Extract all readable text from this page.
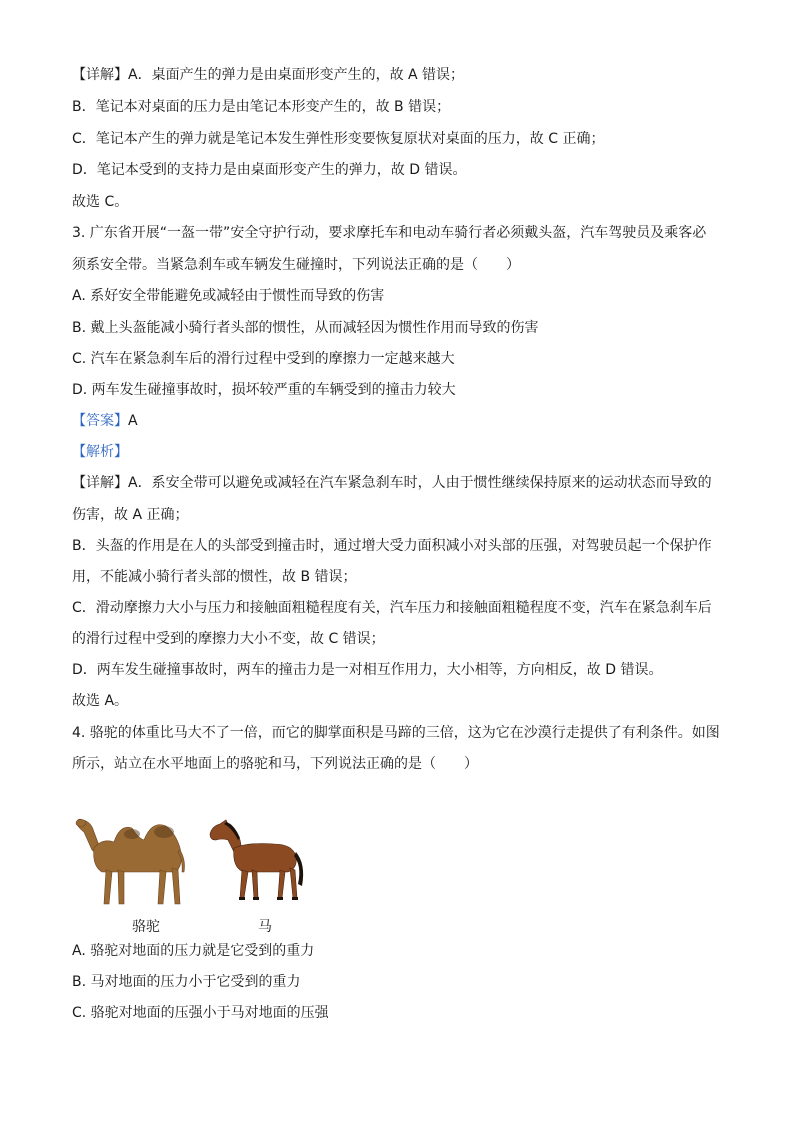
【详解】A．桌面产生的弹力是由桌面形变产生的，故 A 错误；
B．笔记本对桌面的压力是由笔记本形变产生的，故 B 错误；
C．笔记本产生的弹力就是笔记本发生弹性形变要恢复原状对桌面的压力，故 C 正确；
D．笔记本受到的支持力是由桌面形变产生的弹力，故 D 错误。
故选 C。
3. 广东省开展“一盔一带”安全守护行动，要求摩托车和电动车骑行者必须戴头盔，汽车驾驶员及乘客必
须系安全带。当紧急刹车或车辆发生碰撞时，下列说法正确的是（　　）
A. 系好安全带能避免或减轻由于惯性而导致的伤害
B. 戴上头盔能减小骑行者头部的惯性，从而减轻因为惯性作用而导致的伤害
C. 汽车在紧急刹车后的滑行过程中受到的摩擦力一定越来越大
D. 两车发生碰撞事故时，损坏较严重的车辆受到的撞击力较大
【答案】A
【解析】
【详解】A．系安全带可以避免或减轻在汽车紧急刹车时，人由于惯性继续保持原来的运动状态而导致的
伤害，故 A 正确；
B．头盔的作用是在人的头部受到撞击时，通过增大受力面积减小对头部的压强，对驾驶员起一个保护作
用，不能减小骑行者头部的惯性，故 B 错误；
C．滑动摩擦力大小与压力和接触面粗糙程度有关，汽车压力和接触面粗糙程度不变，汽车在紧急刹车后
的滑行过程中受到的摩擦力大小不变，故 C 错误；
D．两车发生碰撞事故时，两车的撞击力是一对相互作用力，大小相等，方向相反，故 D 错误。
故选 A。
4. 骆驼的体重比马大不了一倍，而它的脚掌面积是马蹄的三倍，这为它在沙漠行走提供了有利条件。如图
所示，站立在水平地面上的骆驼和马，下列说法正确的是（　　）
骆驼	马
A. 骆驼对地面的压力就是它受到的重力
B. 马对地面的压力小于它受到的重力
C. 骆驼对地面的压强小于马对地面的压强
